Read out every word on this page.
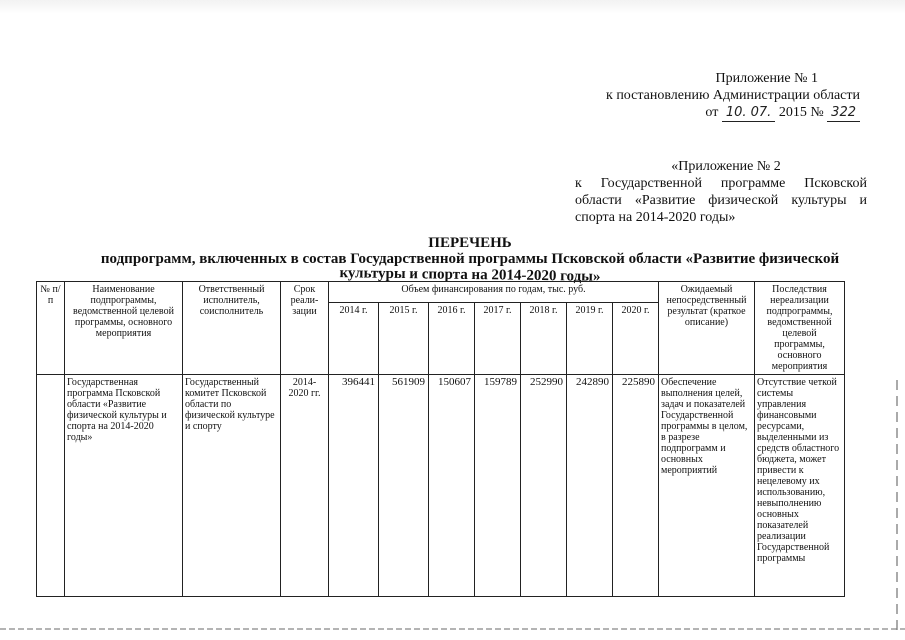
Приложение № 1
к постановлению Администрации области
от 10. 07. 2015 № 322
«Приложение № 2
к Государственной программе Псковской области «Развитие физической культуры и спорта на 2014-2020 годы»
ПЕРЕЧЕНЬ
подпрограмм, включенных в состав Государственной программы Псковской области «Развитие физической
культуры и спорта на 2014-2020 годы»
№ п/п	Наименование подпрограммы, ведомственной целевой программы, основного мероприятия	Ответственный исполнитель, соисполнитель	Срок реали-зации	Объем финансирования по годам, тыс. руб.							Ожидаемый непосредственный результат (краткое описание)	Последствия нереализации подпрограммы, ведомственной целевой программы, основного мероприятия
				2014 г.	2015 г.	2016 г.	2017 г.	2018 г.	2019 г.	2020 г.		
	Государственная программа Псковской области «Развитие физической культуры и спорта на 2014-2020 годы»	Государственный комитет Псковской области по физической культуре и спорту	2014-2020 гг.	396441	561909	150607	159789	252990	242890	225890	Обеспечение выполнения целей, задач и показателей Государственной программы в целом, в разрезе подпрограмм и основных мероприятий	Отсутствие четкой системы управления финансовыми ресурсами, выделенными из средств областного бюджета, может привести к нецелевому их использованию, невыполнению основных показателей реализации Государственной программы
